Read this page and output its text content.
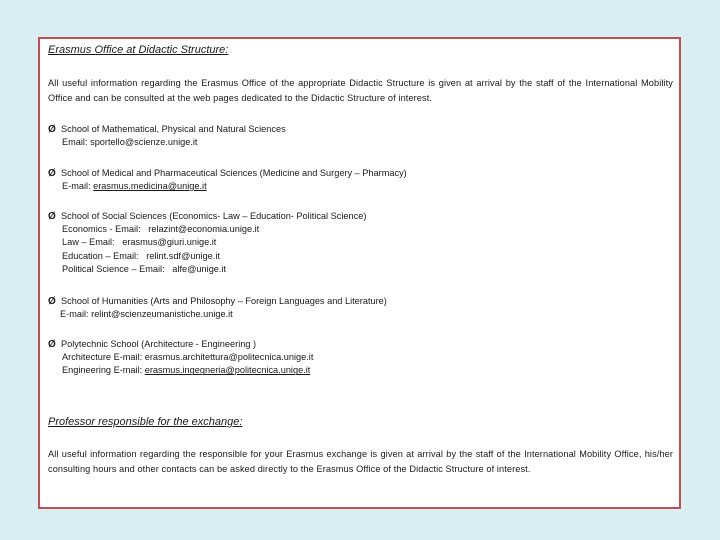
Erasmus Office at Didactic Structure:
All useful information regarding the Erasmus Office of the appropriate Didactic Structure is given at arrival by the staff of the International Mobility Office and can be consulted at the web pages dedicated to the Didactic Structure of interest.
Ø School of Mathematical, Physical and Natural Sciences
Email: sportello@scienze.unige.it
Ø School of Medical and Pharmaceutical Sciences (Medicine and Surgery – Pharmacy)
E-mail: erasmus.medicina@unige.it
Ø School of Social Sciences (Economics- Law – Education- Political Science)
Economics - Email:   relazint@economia.unige.it
Law – Email:   erasmus@giuri.unige.it
Education – Email:   relint.sdf@unige.it
Political Science – Email:   alfe@unige.it
Ø School of Humanities (Arts and Philosophy – Foreign Languages and Literature)
E-mail: relint@scienzeumanistiche.unige.it
Ø Polytechnic School (Architecture - Engineering )
Architecture E-mail: erasmus.architettura@politecnica.unige.it
Engineering E-mail: erasmus.ingegneria@politecnica.unige.it
Professor responsible for the exchange:
All useful information regarding the responsible for your Erasmus exchange is given at arrival by the staff of the International Mobility Office, his/her consulting hours and other contacts can be asked directly to the Erasmus Office of the Didactic Structure of interest.
